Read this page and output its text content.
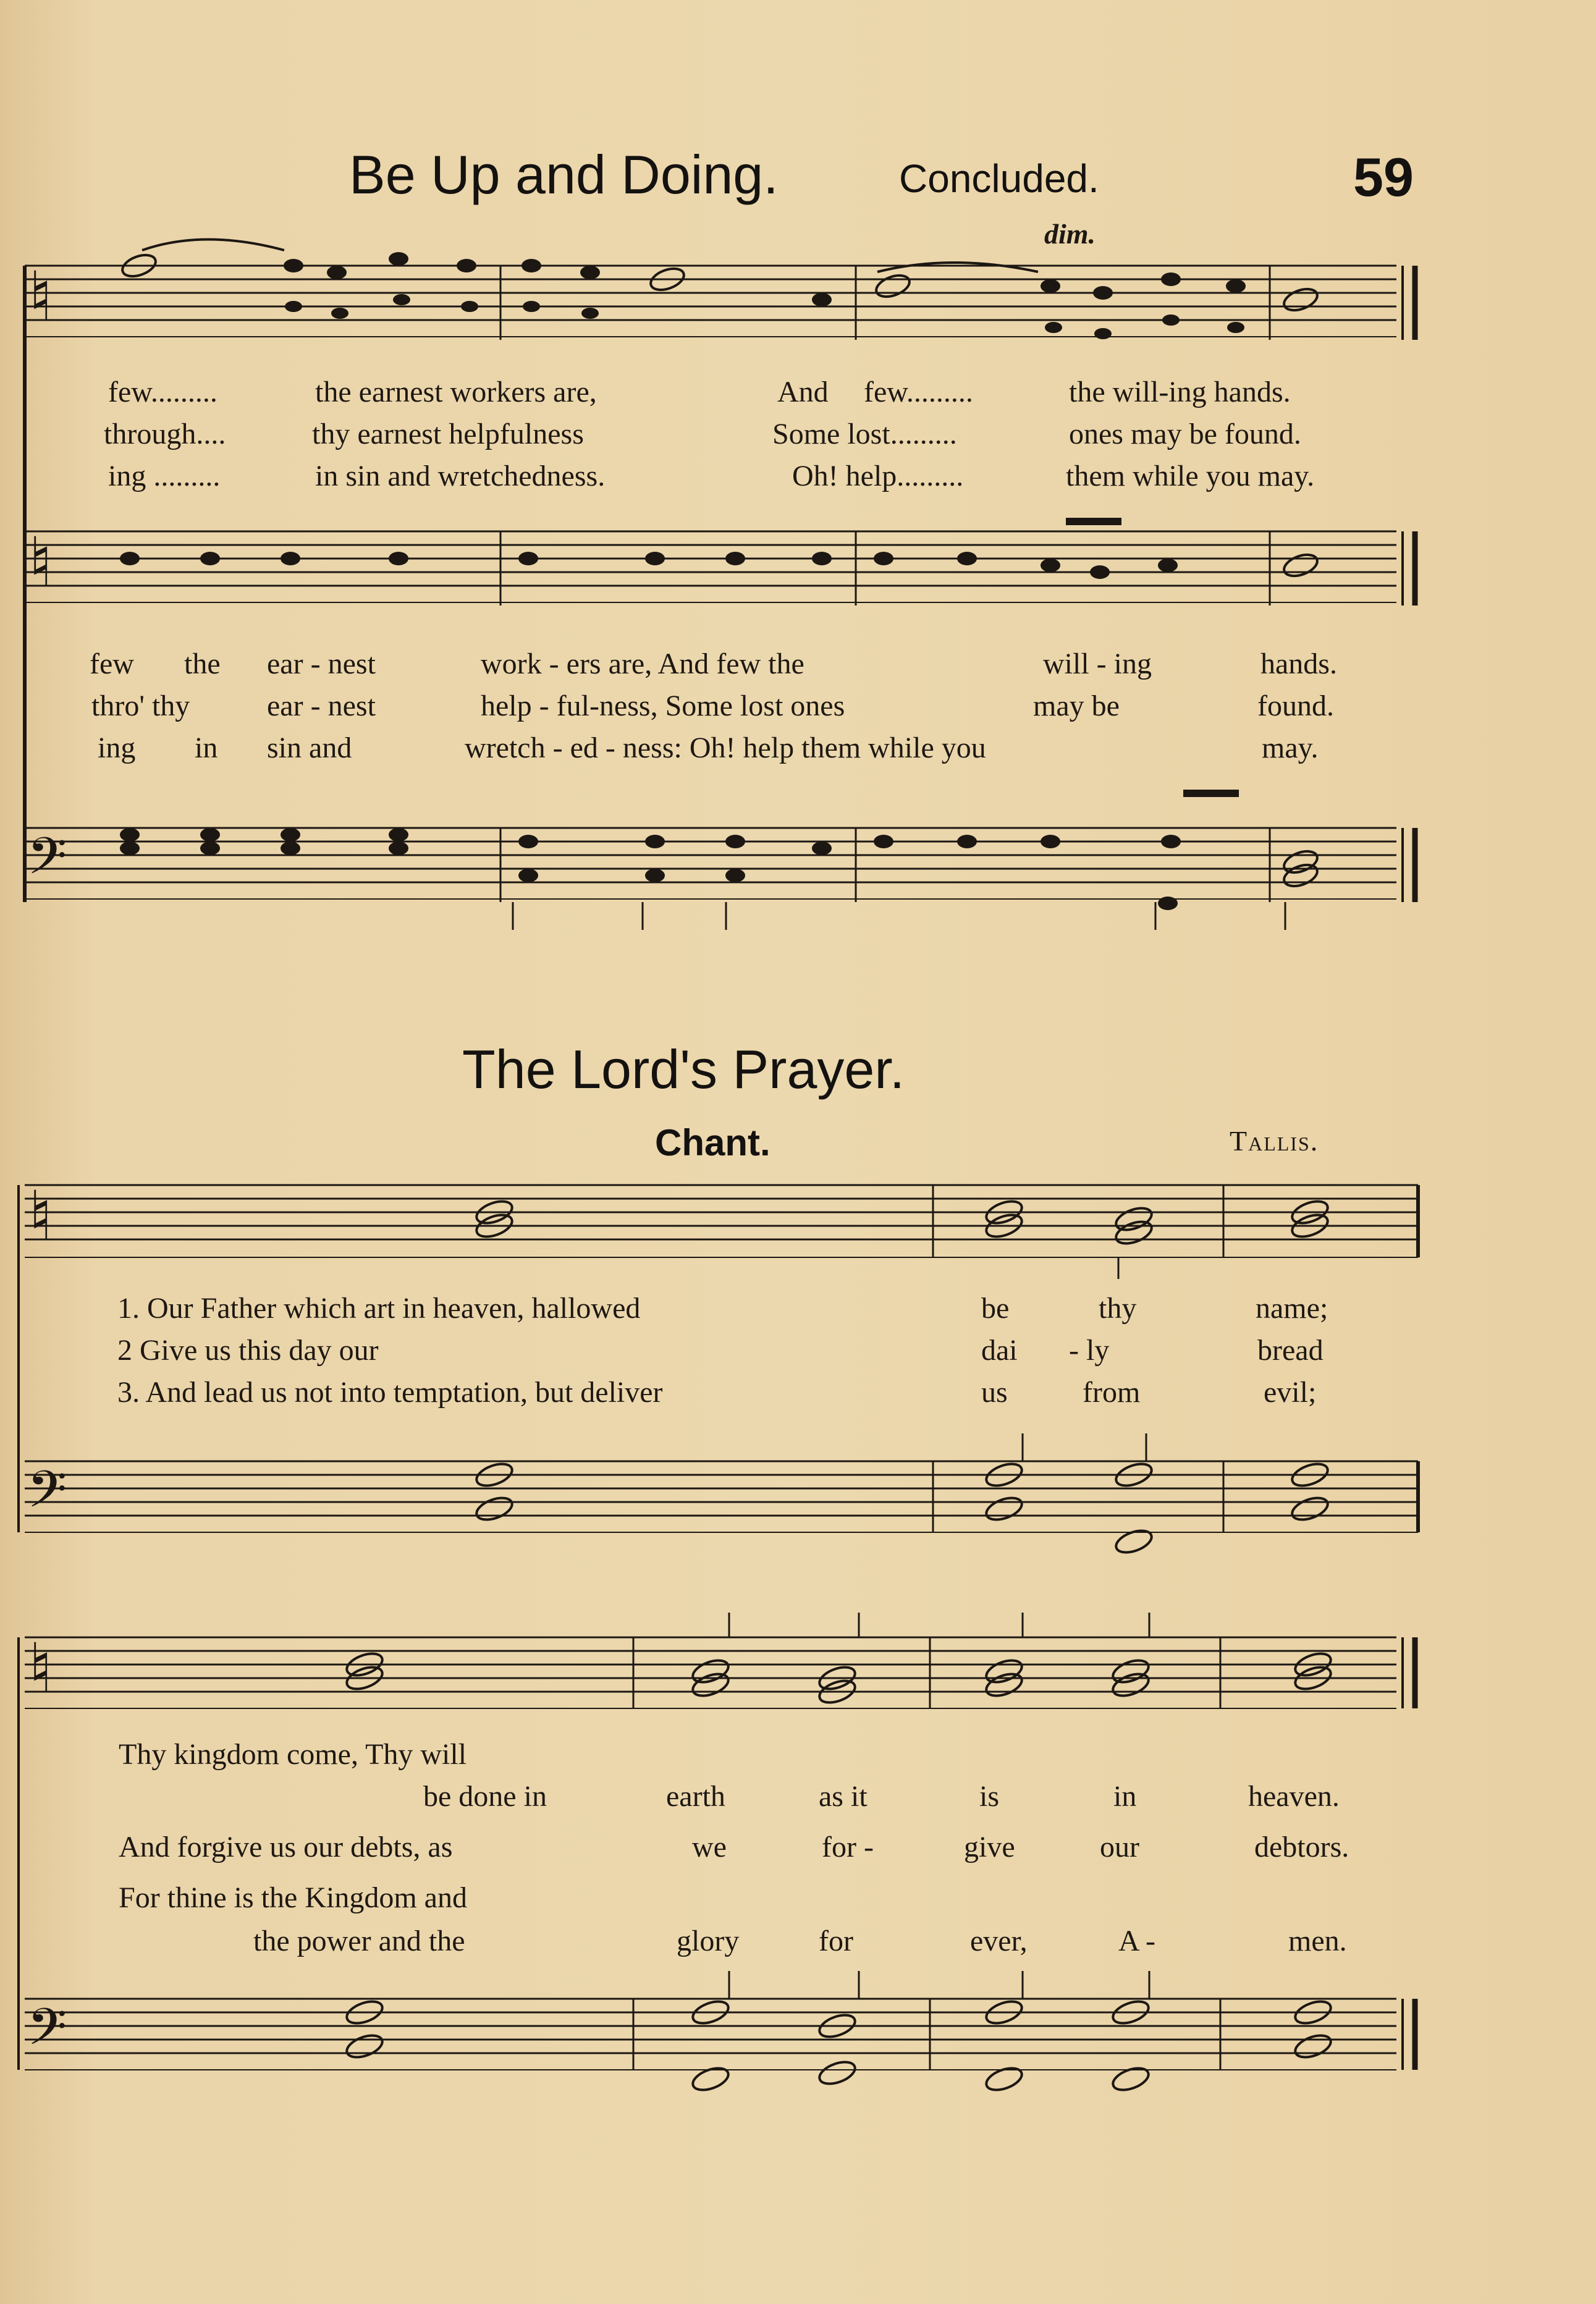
Be Up and Doing.	Concluded.	59
dim.
♮
♮
𝄢
♮
𝄢
♮
𝄢
few.........	the earnest workers are,	And few.........	the will-ing hands.
through....	thy earnest helpfulness	Some lost.........	ones may be found.
ing .........	in sin and wretchedness.	Oh! help.........	them while you may.
few the ear - nest	work - ers are, And few the	will - ing	hands.
thro' thy	ear - nest	help - ful-ness, Some lost ones	may be	found.
ing in sin and	wretch - ed - ness: Oh! help them while you	may.
The Lord's Prayer.
Chant.	Tallis.
1. Our Father which art in heaven, hallowed	be	thy	name;
2 Give us this day our	dai - ly	bread
3. And lead us not into temptation, but deliver	us	from	evil;
Thy kingdom come, Thy will
be done in	earth	as it	is	in	heaven.
And forgive us our debts, as	we	for -	give	our	debtors.
For thine is the Kingdom and
the power and the	glory	for	ever,	A -	men.
